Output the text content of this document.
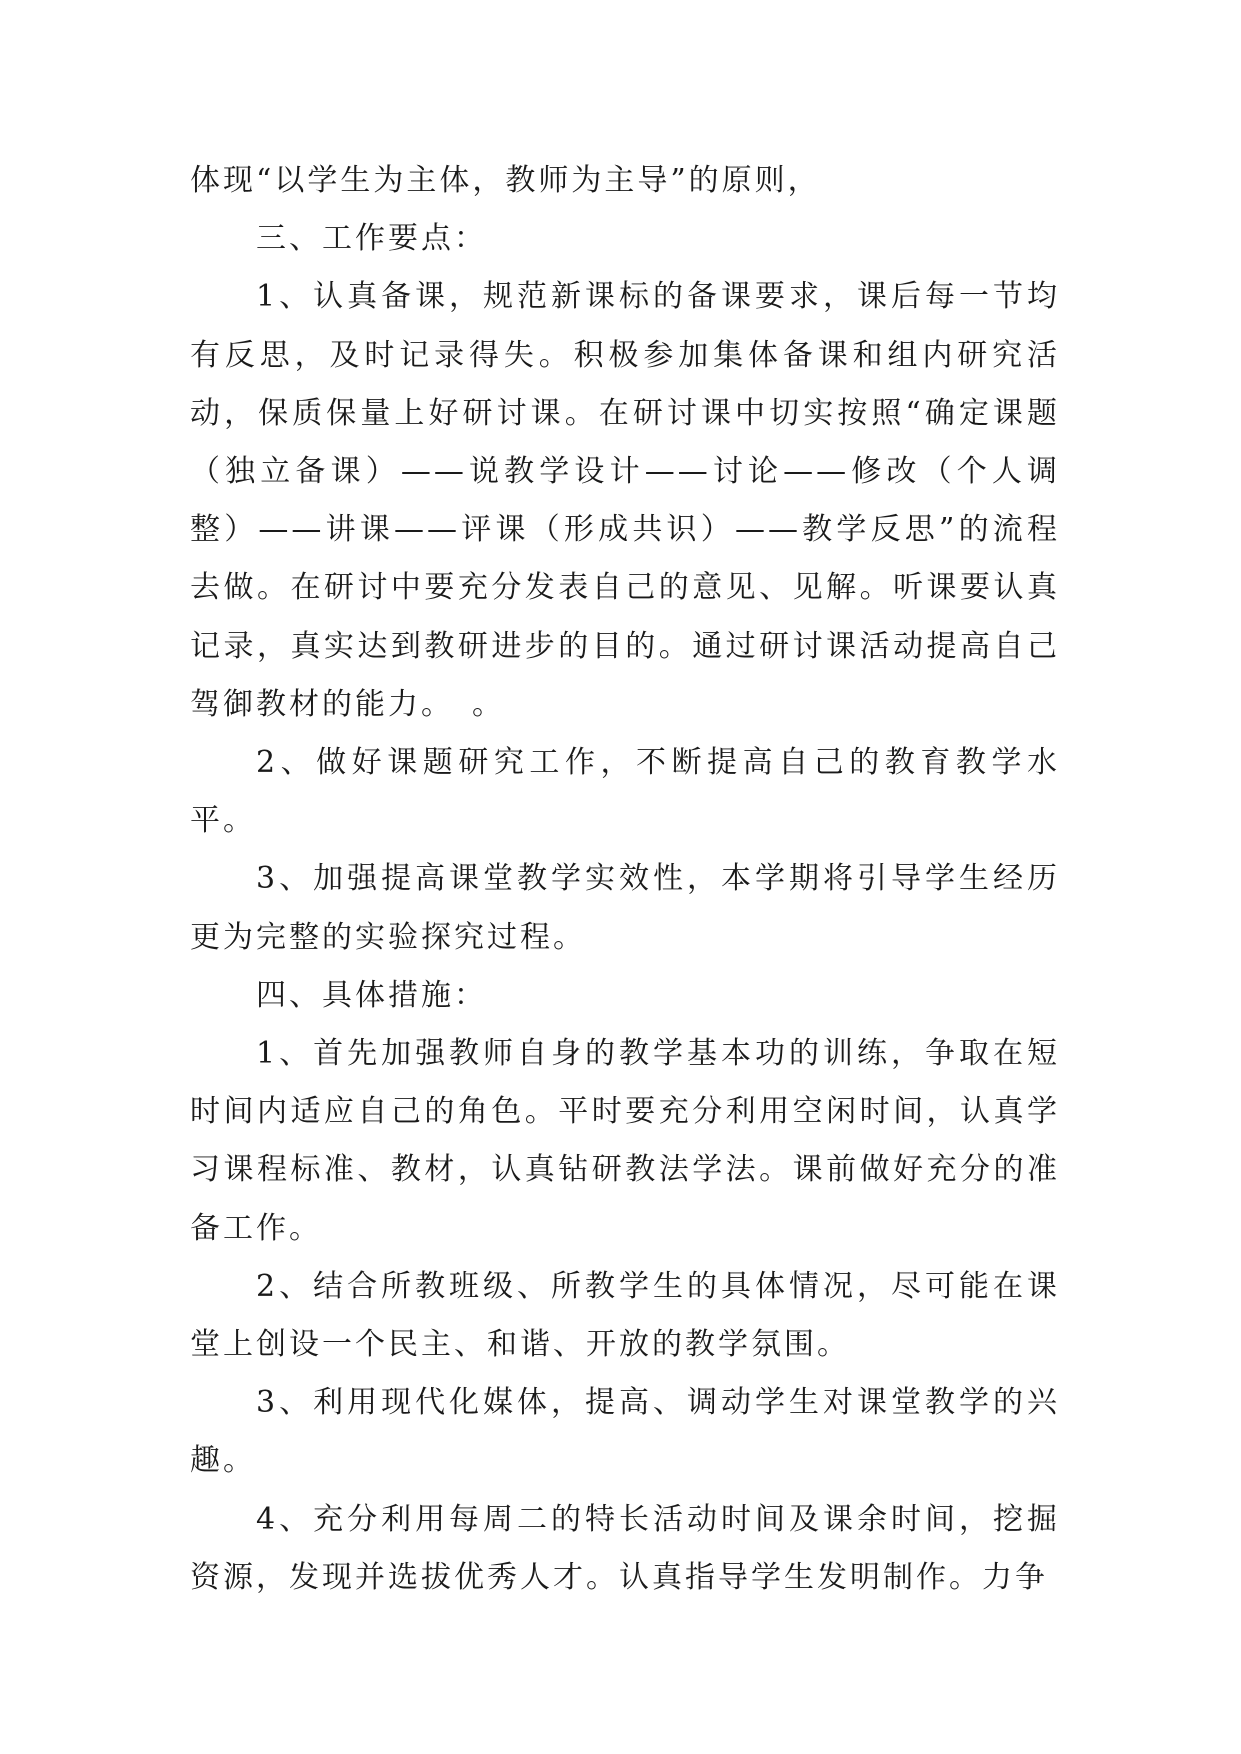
体现“以学生为主体，教师为主导”的原则，

三、工作要点：

1、认真备课，规范新课标的备课要求，课后每一节均有反思，及时记录得失。积极参加集体备课和组内研究活动，保质保量上好研讨课。在研讨课中切实按照“确定课题（独立备课）——说教学设计——讨论——修改（个人调整）——讲课——评课（形成共识）——教学反思”的流程去做。在研讨中要充分发表自己的意见、见解。听课要认真记录，真实达到教研进步的目的。通过研讨课活动提高自己驾御教材的能力。　。

2、做好课题研究工作，不断提高自己的教育教学水平。

3、加强提高课堂教学实效性，本学期将引导学生经历更为完整的实验探究过程。

四、具体措施：

1、首先加强教师自身的教学基本功的训练，争取在短时间内适应自己的角色。平时要充分利用空闲时间，认真学习课程标准、教材，认真钻研教法学法。课前做好充分的准备工作。

2、结合所教班级、所教学生的具体情况，尽可能在课堂上创设一个民主、和谐、开放的教学氛围。

3、利用现代化媒体，提高、调动学生对课堂教学的兴趣。

4、充分利用每周二的特长活动时间及课余时间，挖掘资源，发现并选拔优秀人才。认真指导学生发明制作。力争
